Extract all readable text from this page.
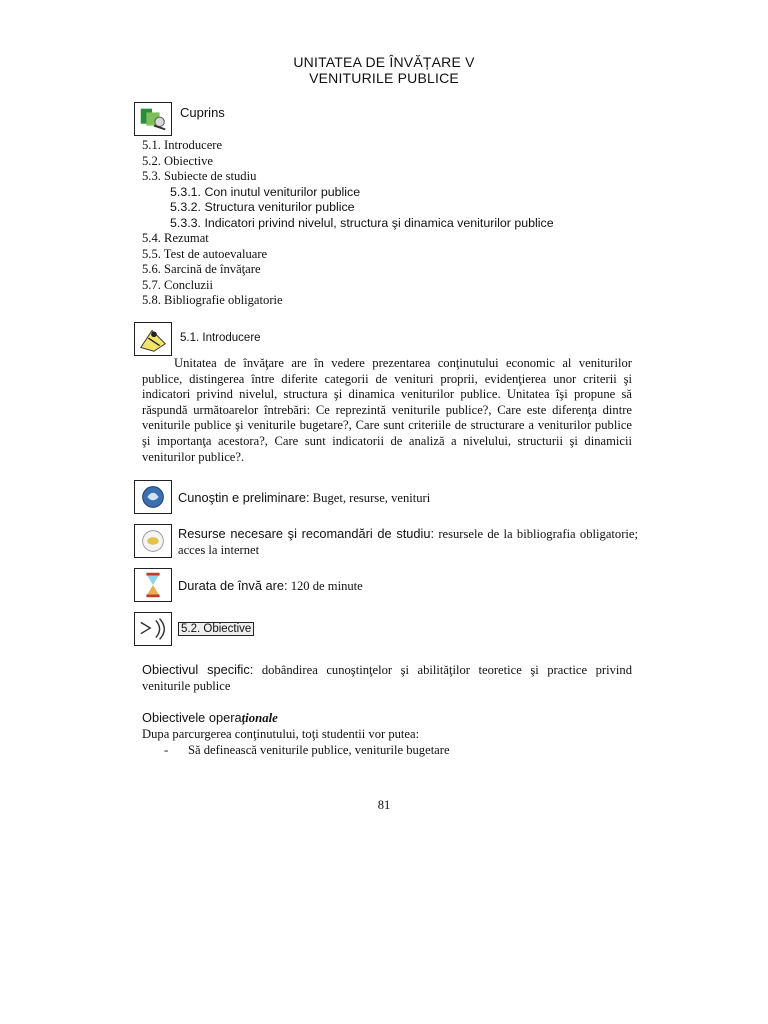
UNITATEA DE ÎNVĂȚARE V
VENITURILE PUBLICE
Cuprins
5.1. Introducere
5.2. Obiective
5.3. Subiecte de studiu
5.3.1. Con inutul veniturilor publice
5.3.2. Structura veniturilor publice
5.3.3. Indicatori privind nivelul, structura şi dinamica veniturilor publice
5.4. Rezumat
5.5. Test de autoevaluare
5.6. Sarcină de învăţare
5.7. Concluzii
5.8. Bibliografie obligatorie
5.1. Introducere

Unitatea de învăţare are în vedere prezentarea conţinutului economic al veniturilor publice, distingerea între diferite categorii de venituri proprii, evidenţierea unor criterii şi indicatori privind nivelul, structura şi dinamica veniturilor publice. Unitatea îşi propune să răspundă următoarelor întrebări: Ce reprezintă veniturile publice?, Care este diferenţa dintre veniturile publice şi veniturile bugetare?, Care sunt criteriile de structurare a veniturilor publice şi importanţa acestora?, Care sunt indicatorii de analiză a nivelului, structurii şi dinamicii veniturilor publice?.

Cunoştin e preliminare: Buget, resurse, venituri
Resurse necesare şi recomandări de studiu: resursele de la bibliografia obligatorie; acces la internet
Durata de învă are: 120 de minute
5.2. Obiective
Obiectivul specific: dobândirea cunoştinţelor şi abilităţilor teoretice şi practice privind veniturile publice
Obiectivele operaţionale
Dupa parcurgerea conţinutului, toţi studentii vor putea:
- Să definească veniturile publice, veniturile bugetare
81
